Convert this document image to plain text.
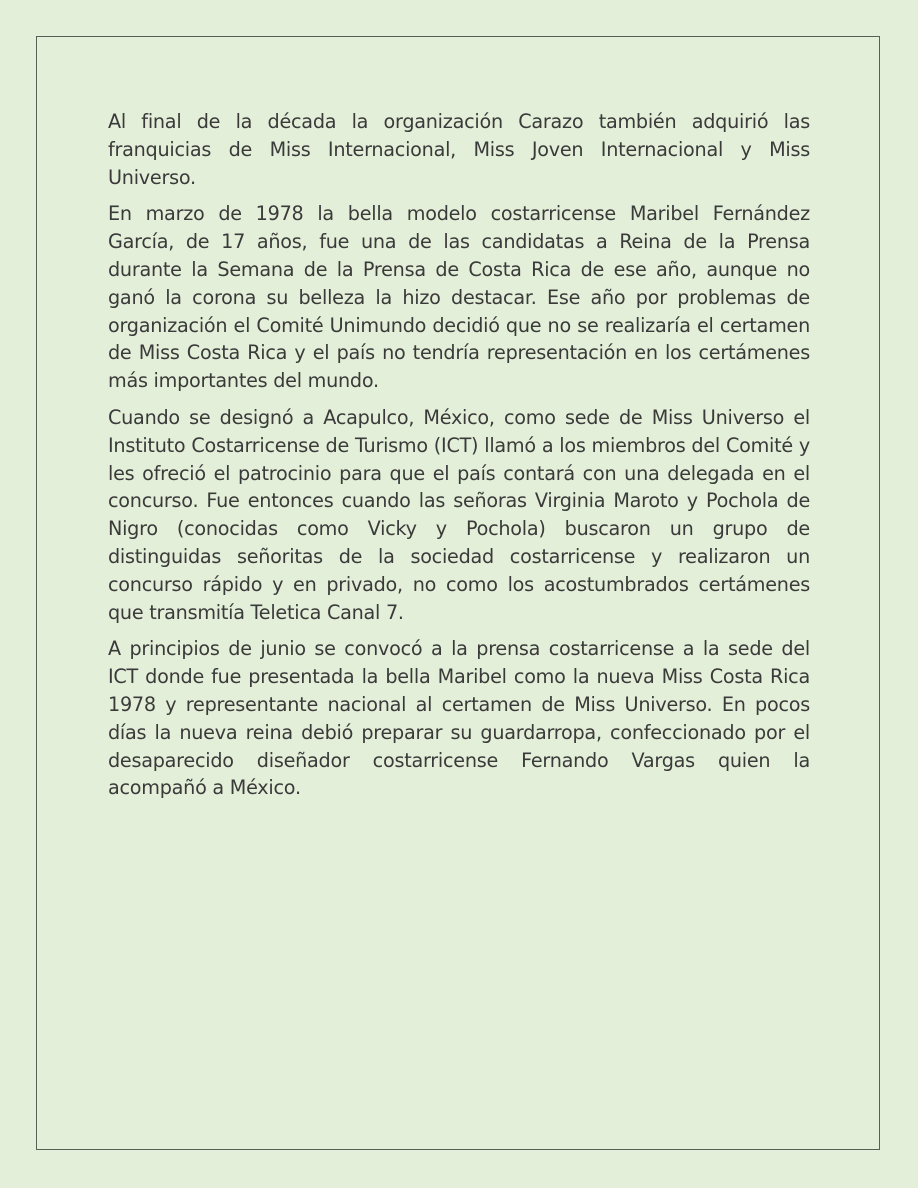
Al final de la década la organización Carazo también adquirió las franquicias de Miss Internacional, Miss Joven Internacional y Miss Universo.

En marzo de 1978 la bella modelo costarricense Maribel Fernández García, de 17 años, fue una de las candidatas a Reina de la Prensa durante la Semana de la Prensa de Costa Rica de ese año, aunque no ganó la corona su belleza la hizo destacar. Ese año por problemas de organización el Comité Unimundo decidió que no se realizaría el certamen de Miss Costa Rica y el país no tendría representación en los certámenes más importantes del mundo.

Cuando se designó a Acapulco, México, como sede de Miss Universo el Instituto Costarricense de Turismo (ICT) llamó a los miembros del Comité y les ofreció el patrocinio para que el país contará con una delegada en el concurso. Fue entonces cuando las señoras Virginia Maroto y Pochola de Nigro (conocidas como Vicky y Pochola) buscaron un grupo de distinguidas señoritas de la sociedad costarricense y realizaron un concurso rápido y en privado, no como los acostumbrados certámenes que transmitía Teletica Canal 7.

A principios de junio se convocó a la prensa costarricense a la sede del ICT donde fue presentada la bella Maribel como la nueva Miss Costa Rica 1978 y representante nacional al certamen de Miss Universo. En pocos días la nueva reina debió preparar su guardarropa, confeccionado por el desaparecido diseñador costarricense Fernando Vargas quien la acompañó a México.
